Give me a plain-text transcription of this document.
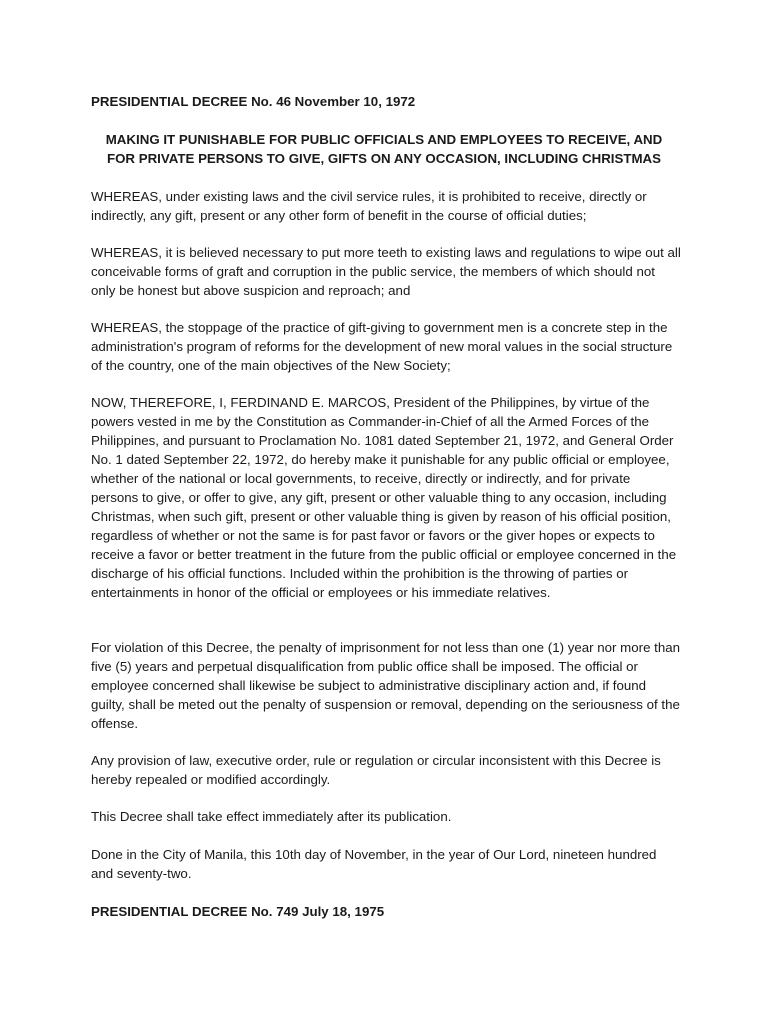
PRESIDENTIAL DECREE No. 46 November 10, 1972

MAKING IT PUNISHABLE FOR PUBLIC OFFICIALS AND EMPLOYEES TO RECEIVE, AND FOR PRIVATE PERSONS TO GIVE, GIFTS ON ANY OCCASION, INCLUDING CHRISTMAS

WHEREAS, under existing laws and the civil service rules, it is prohibited to receive, directly or indirectly, any gift, present or any other form of benefit in the course of official duties;

WHEREAS, it is believed necessary to put more teeth to existing laws and regulations to wipe out all conceivable forms of graft and corruption in the public service, the members of which should not only be honest but above suspicion and reproach; and

WHEREAS, the stoppage of the practice of gift-giving to government men is a concrete step in the administration's program of reforms for the development of new moral values in the social structure of the country, one of the main objectives of the New Society;

NOW, THEREFORE, I, FERDINAND E. MARCOS, President of the Philippines, by virtue of the powers vested in me by the Constitution as Commander-in-Chief of all the Armed Forces of the Philippines, and pursuant to Proclamation No. 1081 dated September 21, 1972, and General Order No. 1 dated September 22, 1972, do hereby make it punishable for any public official or employee, whether of the national or local governments, to receive, directly or indirectly, and for private persons to give, or offer to give, any gift, present or other valuable thing to any occasion, including Christmas, when such gift, present or other valuable thing is given by reason of his official position, regardless of whether or not the same is for past favor or favors or the giver hopes or expects to receive a favor or better treatment in the future from the public official or employee concerned in the discharge of his official functions. Included within the prohibition is the throwing of parties or entertainments in honor of the official or employees or his immediate relatives.

For violation of this Decree, the penalty of imprisonment for not less than one (1) year nor more than five (5) years and perpetual disqualification from public office shall be imposed. The official or employee concerned shall likewise be subject to administrative disciplinary action and, if found guilty, shall be meted out the penalty of suspension or removal, depending on the seriousness of the offense.

Any provision of law, executive order, rule or regulation or circular inconsistent with this Decree is hereby repealed or modified accordingly.

This Decree shall take effect immediately after its publication.

Done in the City of Manila, this 10th day of November, in the year of Our Lord, nineteen hundred and seventy-two.

PRESIDENTIAL DECREE No. 749 July 18, 1975
